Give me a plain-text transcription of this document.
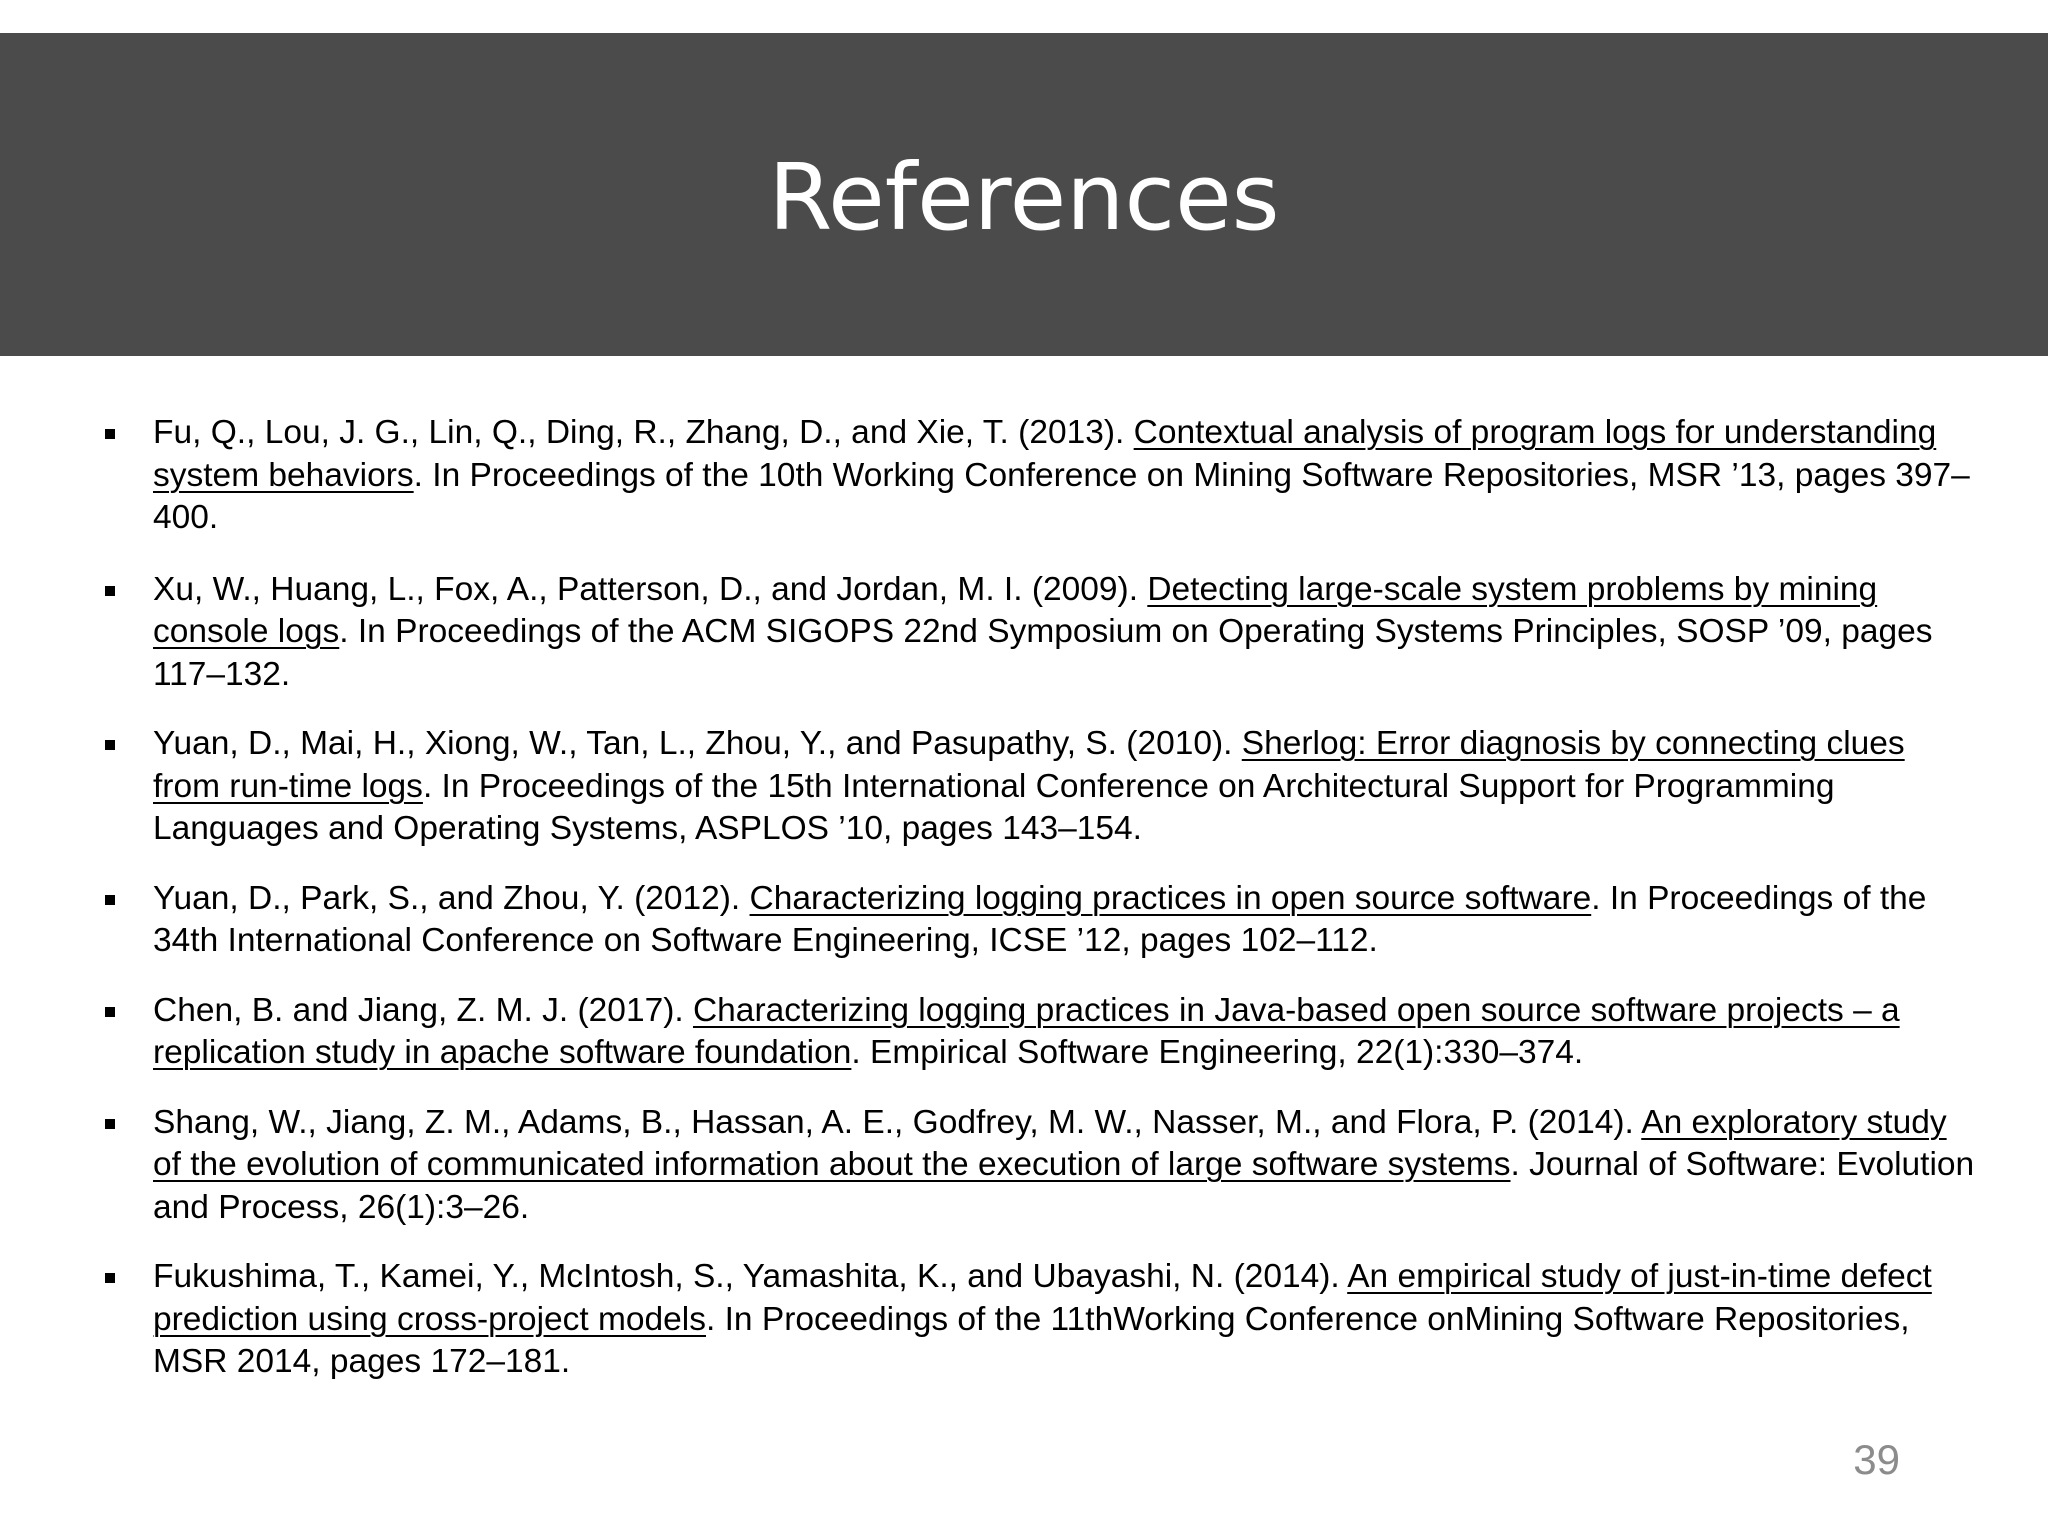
References
Fu, Q., Lou, J. G., Lin, Q., Ding, R., Zhang, D., and Xie, T. (2013). Contextual analysis of program logs for understanding system behaviors. In Proceedings of the 10th Working Conference on Mining Software Repositories, MSR ’13, pages 397–400.
Xu, W., Huang, L., Fox, A., Patterson, D., and Jordan, M. I. (2009). Detecting large-scale system problems by mining console logs. In Proceedings of the ACM SIGOPS 22nd Symposium on Operating Systems Principles, SOSP ’09, pages 117–132.
Yuan, D., Mai, H., Xiong, W., Tan, L., Zhou, Y., and Pasupathy, S. (2010). Sherlog: Error diagnosis by connecting clues from run-time logs. In Proceedings of the 15th International Conference on Architectural Support for Programming Languages and Operating Systems, ASPLOS ’10, pages 143–154.
Yuan, D., Park, S., and Zhou, Y. (2012). Characterizing logging practices in open source software. In Proceedings of the 34th International Conference on Software Engineering, ICSE ’12, pages 102–112.
Chen, B. and Jiang, Z. M. J. (2017). Characterizing logging practices in Java-based open source software projects – a replication study in apache software foundation. Empirical Software Engineering, 22(1):330–374.
Shang, W., Jiang, Z. M., Adams, B., Hassan, A. E., Godfrey, M. W., Nasser, M., and Flora, P. (2014). An exploratory study of the evolution of communicated information about the execution of large software systems. Journal of Software: Evolution and Process, 26(1):3–26.
Fukushima, T., Kamei, Y., McIntosh, S., Yamashita, K., and Ubayashi, N. (2014). An empirical study of just-in-time defect prediction using cross-project models. In Proceedings of the 11thWorking Conference onMining Software Repositories, MSR 2014, pages 172–181.
39
